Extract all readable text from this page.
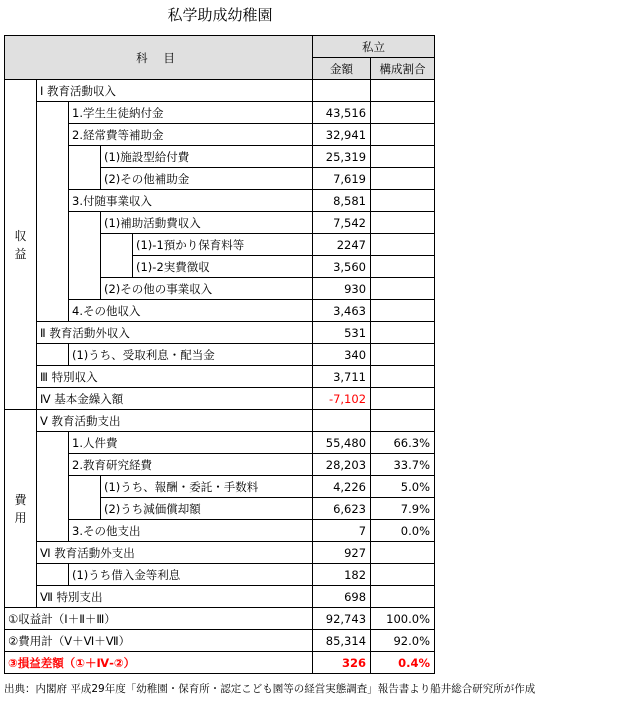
私学助成幼稚園
科 目					私立	
					金額	構成割合
収
益	Ⅰ 教育活動収入					
		1.学生生徒納付金			43,516	
		2.経常費等補助金			32,941	
			(1)施設型給付費		25,319	
			(2)その他補助金		7,619	
		3.付随事業収入			8,581	
			(1)補助活動費収入		7,542	
				(1)-1預かり保育料等	2247	
				(1)-2実費徴収	3,560	
			(2)その他の事業収入		930	
		4.その他収入			3,463	
	Ⅱ 教育活動外収入				531	
		(1)うち、受取利息・配当金			340	
	Ⅲ 特別収入				3,711	
	Ⅳ 基本金繰入額				-7,102	
費
用	Ⅴ 教育活動支出					
		1.人件費			55,480	66.3%
		2.教育研究経費			28,203	33.7%
			(1)うち、報酬・委託・手数料		4,226	5.0%
			(2)うち減価償却額		6,623	7.9%
		3.その他支出			7	0.0%
	Ⅵ 教育活動外支出				927	
		(1)うち借入金等利息			182	
	Ⅶ 特別支出				698	
①収益計（Ⅰ＋Ⅱ＋Ⅲ）					92,743	100.0%
②費用計（Ⅴ＋Ⅵ＋Ⅶ）					85,314	92.0%
③損益差額（①＋Ⅳ-②）					326	0.4%
出典：内閣府 平成29年度「幼稚園・保育所・認定こども園等の経営実態調査」報告書より船井総合研究所が作成
